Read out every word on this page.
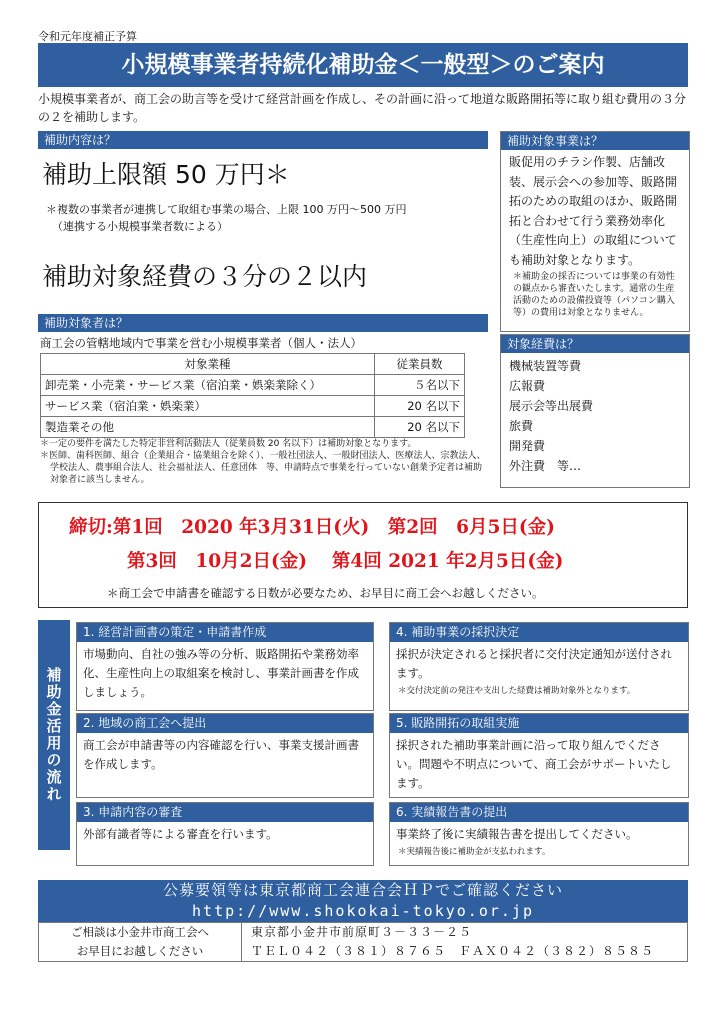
令和元年度補正予算
小規模事業者持続化補助金＜一般型＞のご案内
小規模事業者が、商工会の助言等を受けて経営計画を作成し、その計画に沿って地道な販路開拓等に取り組む費用の３分の２を補助します。
補助内容は？
補助上限額 50 万円＊
＊複数の事業者が連携して取組む事業の場合、上限 100 万円～500 万円
（連携する小規模事業者数による）
補助対象経費の３分の２以内
補助対象事業は？
販促用のチラシ作製、店舗改装、展示会への参加等、販路開拓のための取組のほか、販路開拓と合わせて行う業務効率化（生産性向上）の取組についても補助対象となります。
＊補助金の採否については事業の有効性の観点から審査いたします。通常の生産活動のための設備投資等（パソコン購入等）の費用は対象となりません。
補助対象者は？
商工会の管轄地域内で事業を営む小規模事業者（個人・法人）
対象業種	従業員数
卸売業・小売業・サービス業（宿泊業・娯楽業除く）	５名以下
サービス業（宿泊業・娯楽業）	20 名以下
製造業その他	20 名以下
＊一定の要件を満たした特定非営利活動法人（従業員数 20 名以下）は補助対象となります。
＊医師、歯科医師、組合（企業組合・協業組合を除く）、一般社団法人、一般財団法人、医療法人、宗教法人、学校法人、農事組合法人、社会福祉法人、任意団体　等、申請時点で事業を行っていない創業予定者は補助対象者に該当しません。
対象経費は？
機械装置等費
広報費
展示会等出展費
旅費
開発費
外注費　等…
締切:第1回　2020 年3月31日(火)　第2回　6月5日(金)
第3回　10月2日(金)　 第4回 2021 年2月5日(金)
＊商工会で申請書を確認する日数が必要なため、お早目に商工会へお越しください。
補助金活用の流れ
1. 経営計画書の策定・申請書作成
市場動向、自社の強み等の分析、販路開拓や業務効率化、生産性向上の取組案を検討し、事業計画書を作成しましょう。
2. 地域の商工会へ提出
商工会が申請書等の内容確認を行い、事業支援計画書を作成します。
3. 申請内容の審査
外部有識者等による審査を行います。
4. 補助事業の採択決定
採択が決定されると採択者に交付決定通知が送付されます。
＊交付決定前の発注や支出した経費は補助対象外となります。
5. 販路開拓の取組実施
採択された補助事業計画に沿って取り組んでください。問題や不明点について、商工会がサポートいたします。
6. 実績報告書の提出
事業終了後に実績報告書を提出してください。
＊実績報告後に補助金が支払われます。
公募要領等は東京都商工会連合会ＨＰでご確認ください
http://www.shokokai-tokyo.or.jp
ご相談は小金井市商工会へ
お早目にお越しください
東京都小金井市前原町３－３３－２５
ＴＥＬ０４２（３８１）８７６５　ＦＡＸ０４２（３８２）８５８５
